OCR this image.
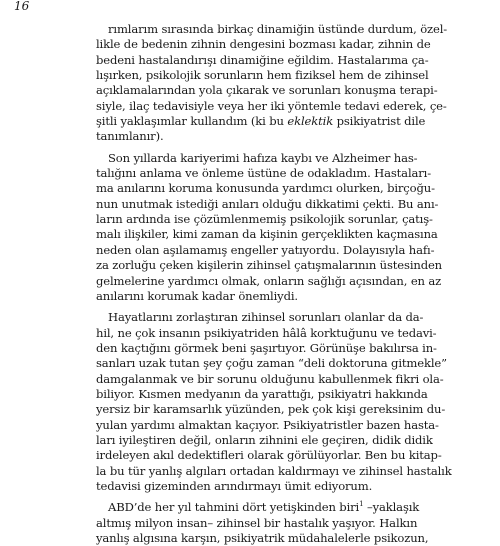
16
rımlarım sırasında birkaç dinamiğin üstünde durdum, özel-
likle de bedenin zihnin dengesini bozması kadar, zihnin de
bedeni hastalandırışı dinamiğine eğildim. Hastalarıma ça-
lışırken, psikolojik sorunların hem fiziksel hem de zihinsel
açıklamalarından yola çıkarak ve sorunları konuşma terapi-
siyle, ilaç tedavisiyle veya her iki yöntemle tedavi ederek, çe-
şitli yaklaşımlar kullandım (ki bu eklektik psikiyatrist dile
tanımlanır).
Son yıllarda kariyerimi hafıza kaybı ve Alzheimer has-
talığını anlama ve önleme üstüne de odakladım. Hastaları-
ma anılarını koruma konusunda yardımcı olurken, birçoğu-
nun unutmak istediği anıları olduğu dikkatimi çekti. Bu anı-
ların ardında ise çözümlenmemiş psikolojik sorunlar, çatış-
malı ilişkiler, kimi zaman da kişinin gerçeklikten kaçmasına
neden olan aşılamamış engeller yatıyordu. Dolayısıyla hafı-
za zorluğu çeken kişilerin zihinsel çatışmalarının üstesinden
gelmelerine yardımcı olmak, onların sağlığı açısından, en az
anılarını korumak kadar önemliydi.
Hayatlarını zorlaştıran zihinsel sorunları olanlar da da-
hil, ne çok insanın psikiyatriden hâlâ korktuğunu ve tedavi-
den kaçtığını görmek beni şaşırtıyor. Görünüşe bakılırsa in-
sanları uzak tutan şey çoğu zaman “deli doktoruna gitmekle”
damgalanmak ve bir sorunu olduğunu kabullenmek fikri ola-
biliyor. Kısmen medyanın da yarattığı, psikiyatri hakkında
yersiz bir karamsarlık yüzünden, pek çok kişi gereksinim du-
yulan yardımı almaktan kaçıyor. Psikiyatristler bazen hasta-
ları iyileştiren değil, onların zihnini ele geçiren, didik didik
irdeleyen akıl dedektifleri olarak görülüyorlar. Ben bu kitap-
la bu tür yanlış algıları ortadan kaldırmayı ve zihinsel hastalık
tedavisi gizeminden arındırmayı ümit ediyorum.
ABD’de her yıl tahmini dört yetişkinden biri$^1$ –yaklaşık
altmış milyon insan– zihinsel bir hastalık yaşıyor. Halkın
yanlış algısına karşın, psikiyatrik müdahalelerle psikozun,
